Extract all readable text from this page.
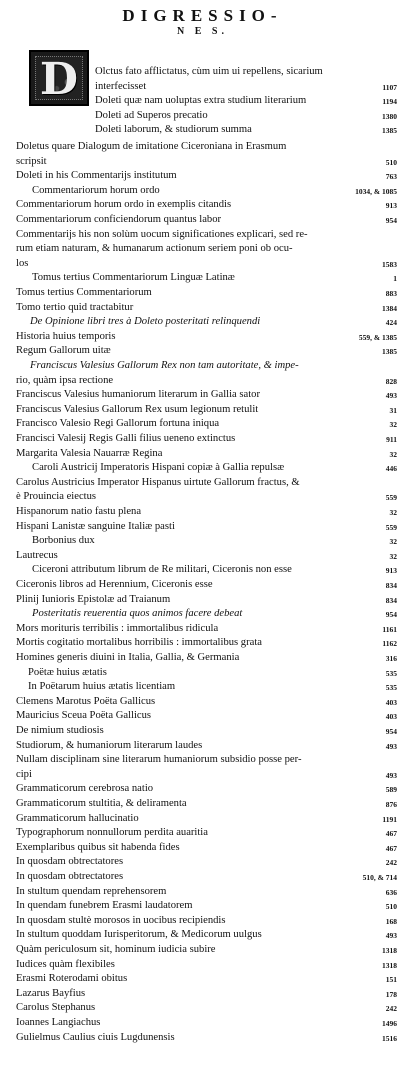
DIGRESSIO-
N E S.
D	Olctus fato afflictatus, cùm uim ui repellens, sicarium
interfecisset	1107
Doleti quæ nam uoluptas extra studium literarium	1194
Doleti ad Superos precatio	1380
Doleti laborum, & studiorum summa	1385
Doletus quare Dialogum de imitatione Ciceroniana in Erasmum
scripsit	510
Doleti in his Commentarijs institutum	763
Commentariorum horum ordo	1034, & 1085
Commentariorum horum ordo in exemplis citandis	913
Commentariorum conficiendorum quantus labor	954
Commentarijs his non solùm uocum significationes explicari, sed re-
rum etiam naturam, & humanarum actionum seriem poni ob ocu-
los	1583
Tomus tertius Commentariorum Linguæ Latinæ	1
Tomus tertius Commentariorum	883
Tomo tertio quid tractabitur	1384
De Opinione libri tres à Doleto posteritati relinquendi	424
Historia huius temporis	559, & 1385
Regum Gallorum uitæ	1385
Franciscus Valesius Gallorum Rex non tam autoritate, & impe-
rio, quàm ipsa rectione	828
Franciscus Valesius humaniorum literarum in Gallia sator	493
Franciscus Valesius Gallorum Rex usum legionum retulit	31
Francisco Valesio Regi Gallorum fortuna iniqua	32
Francisci Valesij Regis Galli filius ueneno extinctus	911
Margarita Valesia Nauarræ Regina	32
Caroli Austricij Imperatoris Hispani copiæ à Gallia repulsæ	446
Carolus Austricius Imperator Hispanus uirtute Gallorum fractus, &
è Prouincia eiectus	559
Hispanorum natio fastu plena	32
Hispani Lanistæ sanguine Italiæ pasti	559
Borbonius dux	32
Lautrecus	32
Ciceroni attributum librum de Re militari, Ciceronis non esse	913
Ciceronis libros ad Herennium, Ciceronis esse	834
Plinij Iunioris Epistolæ ad Traianum	834
Posteritatis reuerentia quos animos facere debeat	954
Mors morituris terribilis : immortalibus ridicula	1161
Mortis cogitatio mortalibus horribilis : immortalibus grata	1162
Homines generis diuini in Italia, Gallia, & Germania	316
Poëtæ huius ætatis	535
In Poëtarum huius ætatis licentiam	535
Clemens Marotus Poëta Gallicus	403
Mauricius Sceua Poëta Gallicus	403
De nimium studiosis	954
Studiorum, & humaniorum literarum laudes	493
Nullam disciplinam sine literarum humaniorum subsidio posse per-
cipi	493
Grammaticorum cerebrosa natio	589
Grammaticorum stultitia, & deliramenta	876
Grammaticorum hallucinatio	1191
Typographorum nonnullorum perdita auaritia	467
Exemplaribus quibus sit habenda fides	467
In quosdam obtrectatores	242
In quosdam obtrectatores	510, & 714
In stultum quendam reprehensorem	636
In quendam funebrem Erasmi laudatorem	510
In quosdam stultè morosos in uocibus recipiendis	168
In stultum quoddam Iurisperitorum, & Medicorum uulgus	493
Quàm periculosum sit, hominum iudicia subire	1318
Iudices quàm flexibiles	1318
Erasmi Roterodami obitus	151
Lazarus Bayfius	178
Carolus Stephanus	242
Ioannes Langiachus	1496
Gulielmus Caulius ciuis Lugdunensis	1516
